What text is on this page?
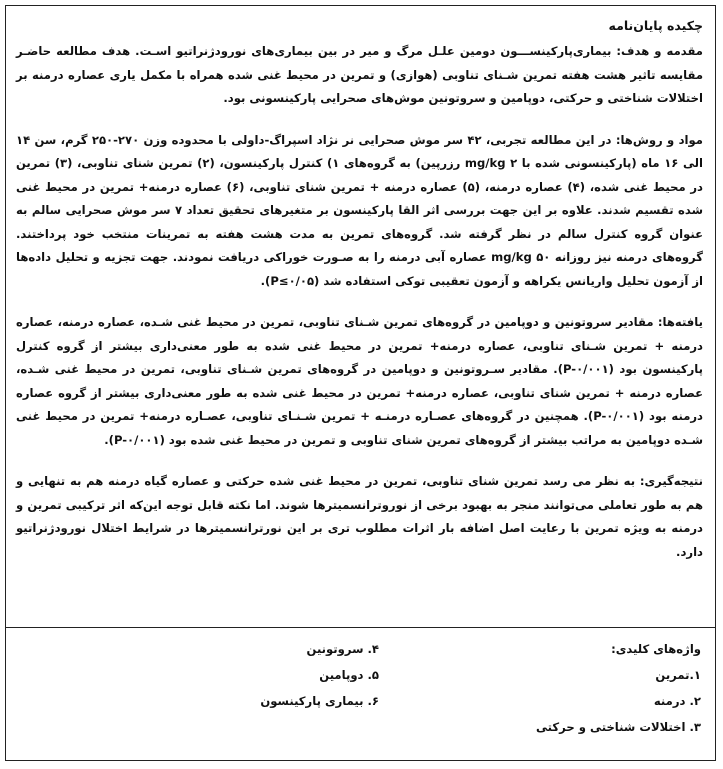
چکیده پایان‌نامه

مقدمه و هدف: بیماری‌پارکینســـون دومین علـل مرگ و میر در بین بیماری‌های نورودژنراتیو اسـت. هدف مطالعه حاضـر مقایسه تاثیر هشت هفته تمرین شـنای تناوبی (هوازی) و تمرین در محیط غنی شده همراه با مکمل یاری عصاره درمنه بر اختلالات شناختی و حرکتی، دوپامین و سروتونین موش‌های صحرایی پارکینسونی بود.

مواد و روش‌ها: در این مطالعه تجربی، ۴۲ سر موش صحرایی نر نژاد اسپراگ-داولی با محدوده وزن ۲۷۰-۲۵۰ گرم، سن ۱۴ الی ۱۶ ماه (پارکینسونی شده با mg/kg ۲ رزرپین) به گروه‌های ۱) کنترل پارکینسون، (۲) تمرین شنای تناوبی، (۳) تمرین در محیط غنی شده، (۴) عصاره درمنه، (۵) عصاره درمنه + تمرین شنای تناوبی، (۶) عصاره درمنه+ تمرین در محیط غنی شده تقسیم شدند. علاوه بر این جهت بررسی اثر القا پارکینسون بر متغیرهای تحقیق تعداد ۷ سر موش صحرایی سالم به عنوان گروه کنترل سالم در نظر گرفته شد. گروه‌های تمرین به مدت هشت هفته به تمرینات منتخب خود پرداختند. گروه‌های درمنه نیز روزانه mg/kg ۵۰ عصاره آبی درمنه را به صـورت خوراکی دریافت نمودند. جهت تجزیه و تحلیل داده‌ها از آزمون تحلیل واریانس یکراهه و آزمون تعقیبی توکی استفاده شد (P≤۰/۰۵).

یافته‌ها: مقادیر سروتونین و دوپامین در گروه‌های تمرین شـنای تناوبی، تمرین در محیط غنی شـده، عصاره درمنه، عصاره درمنه + تمرین شـنای تناوبی، عصاره درمنه+ تمرین در محیط غنی شده به طور معنی‌داری بیشتر از گروه کنترل پارکینسون بود (P-۰/۰۰۱). مقادیر سـروتونین و دوپامین در گروه‌های تمرین شـنای تناوبی، تمرین در محیط غنی شـده، عصاره درمنه + تمرین شنای تناوبی، عصاره درمنه+ تمرین در محیط غنی شده به طور معنی‌داری بیشتر از گروه عصاره درمنه بود (P-۰/۰۰۱). همچنین در گروه‌های عصـاره درمنـه + تمرین شـنـای تناوبی، عصـاره درمنه+ تمرین در محیط غنی شـده دوپامین به مراتب بیشتر از گروه‌های تمرین شنای تناوبی و تمرین در محیط غنی شده بود (P-۰/۰۰۱).

نتیجه‌گیری: به نظر می رسد تمرین شنای تناوبی، تمرین در محیط غنی شده حرکتی و عصاره گیاه درمنه هم به تنهایی و هم به طور تعاملی می‌توانند منجر به بهبود برخی از نوروترانسمیترها شوند. اما نکته قابل توجه این‌که اثر ترکیبی تمرین و درمنه به ویژه تمرین با رعایت اصل اضافه بار اثرات مطلوب تری بر این نورترانسمیترها در شرایط اختلال نورودژنراتیو دارد.

واژه‌های کلیدی:

۱.تمرین

۲. درمنه

۳. اختلالات شناختی و حرکتی

۴. سروتونین

۵. دوپامین

۶. بیماری پارکینسون
